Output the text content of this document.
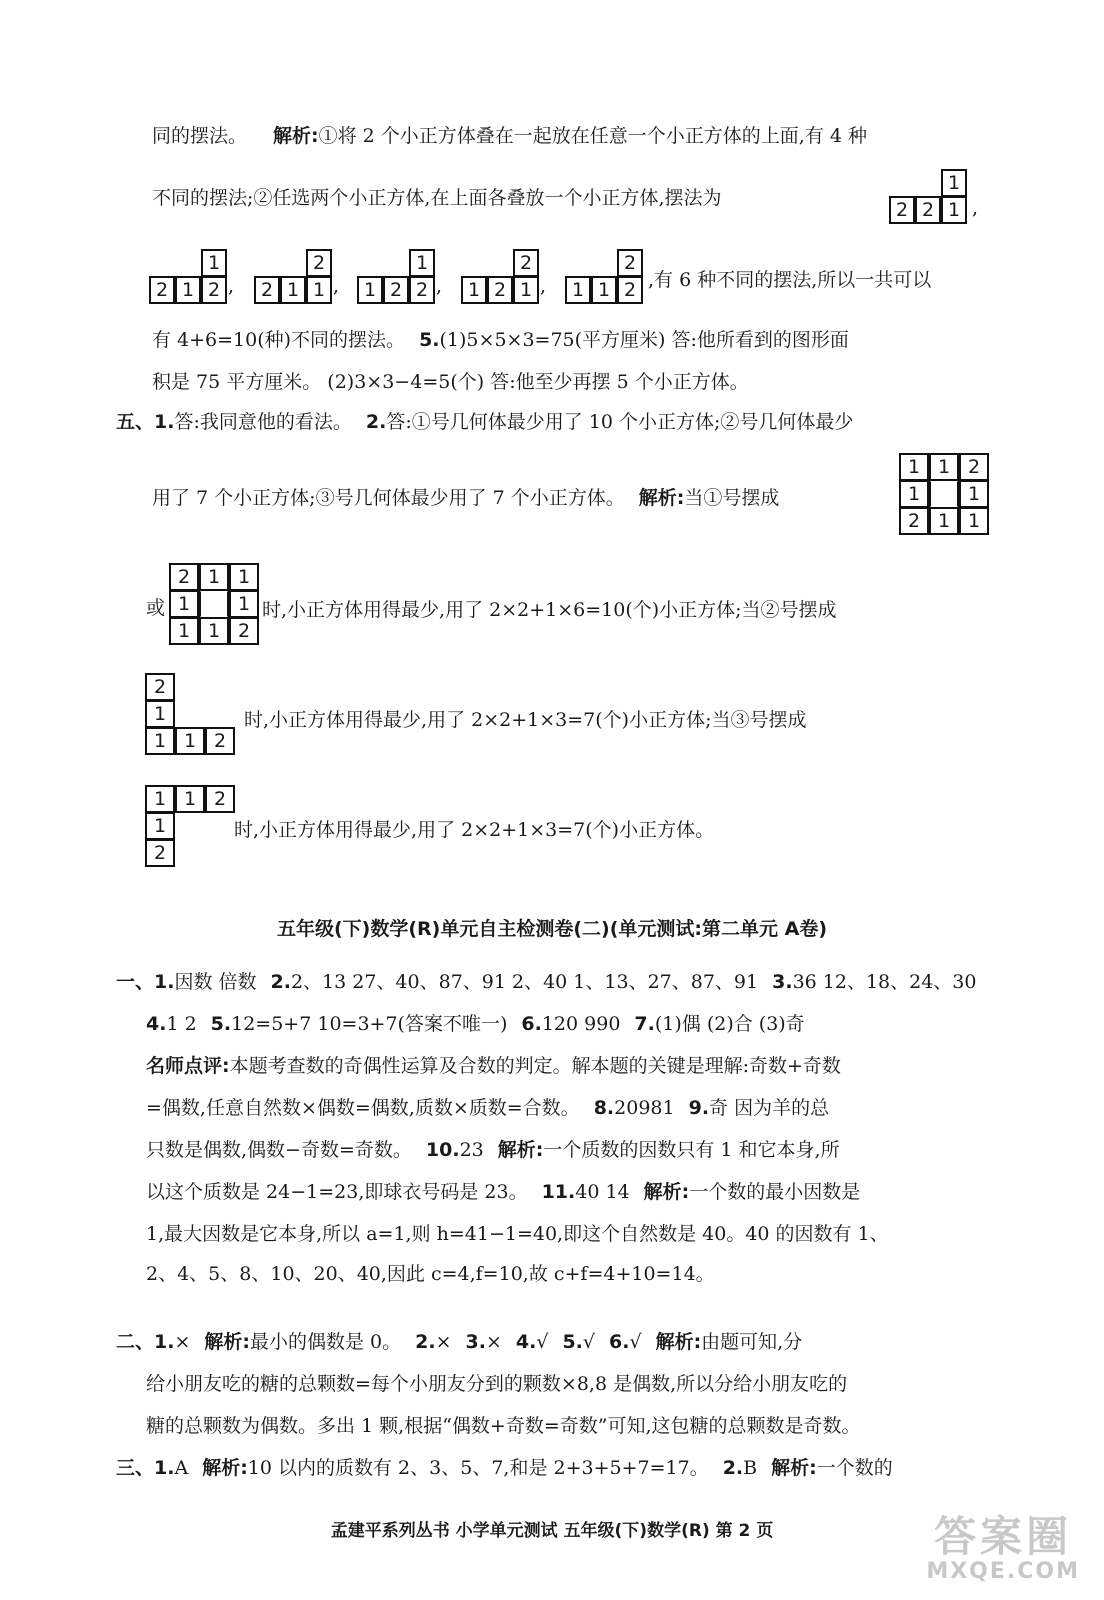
同的摆法。 解析:①将 2 个小正方体叠在一起放在任意一个小正方体的上面,有 4 种
不同的摆法;②任选两个小正方体,在上面各叠放一个小正方体,摆法为
1
2 2 1 ,
1
2 1 2 ,
2
2 1 1 ,
1
1 2 2 ,
2
1 2 1 ,
2
1 1 2 ,有 6 种不同的摆法,所以一共可以
有 4+6=10(种)不同的摆法。 5.(1)5×5×3=75(平方厘米) 答:他所看到的图形面
积是 75 平方厘米。 (2)3×3−4=5(个) 答:他至少再摆 5 个小正方体。
五、1.答:我同意他的看法。 2.答:①号几何体最少用了 10 个小正方体;②号几何体最少
用了 7 个小正方体;③号几何体最少用了 7 个小正方体。 解析:当①号摆成
1 1 2
1	1
2 1 1
或
2 1 1
1	1
1 1 2
时,小正方体用得最少,用了 2×2+1×6=10(个)小正方体;当②号摆成
2
1
1 1 2
时,小正方体用得最少,用了 2×2+1×3=7(个)小正方体;当③号摆成
1 1 2
1
2
时,小正方体用得最少,用了 2×2+1×3=7(个)小正方体。
五年级(下)数学(R)单元自主检测卷(二)(单元测试:第二单元 A卷)
一、1.因数 倍数 2.2、13 27、40、87、91 2、40 1、13、27、87、91 3.36 12、18、24、30
4.1 2 5.12=5+7 10=3+7(答案不唯一) 6.120 990 7.(1)偶 (2)合 (3)奇
名师点评:本题考查数的奇偶性运算及合数的判定。解本题的关键是理解:奇数+奇数
=偶数,任意自然数×偶数=偶数,质数×质数=合数。 8.20981 9.奇 因为羊的总
只数是偶数,偶数−奇数=奇数。 10.23 解析:一个质数的因数只有 1 和它本身,所
以这个质数是 24−1=23,即球衣号码是 23。 11.40 14 解析:一个数的最小因数是
1,最大因数是它本身,所以 a=1,则 h=41−1=40,即这个自然数是 40。40 的因数有 1、
2、4、5、8、10、20、40,因此 c=4,f=10,故 c+f=4+10=14。
二、1.× 解析:最小的偶数是 0。 2.× 3.× 4.√ 5.√ 6.√ 解析:由题可知,分
给小朋友吃的糖的总颗数=每个小朋友分到的颗数×8,8 是偶数,所以分给小朋友吃的
糖的总颗数为偶数。多出 1 颗,根据“偶数+奇数=奇数”可知,这包糖的总颗数是奇数。
三、1.A 解析:10 以内的质数有 2、3、5、7,和是 2+3+5+7=17。 2.B 解析:一个数的
孟建平系列丛书 小学单元测试 五年级(下)数学(R) 第 2 页	答案圈
MXQE.COM
